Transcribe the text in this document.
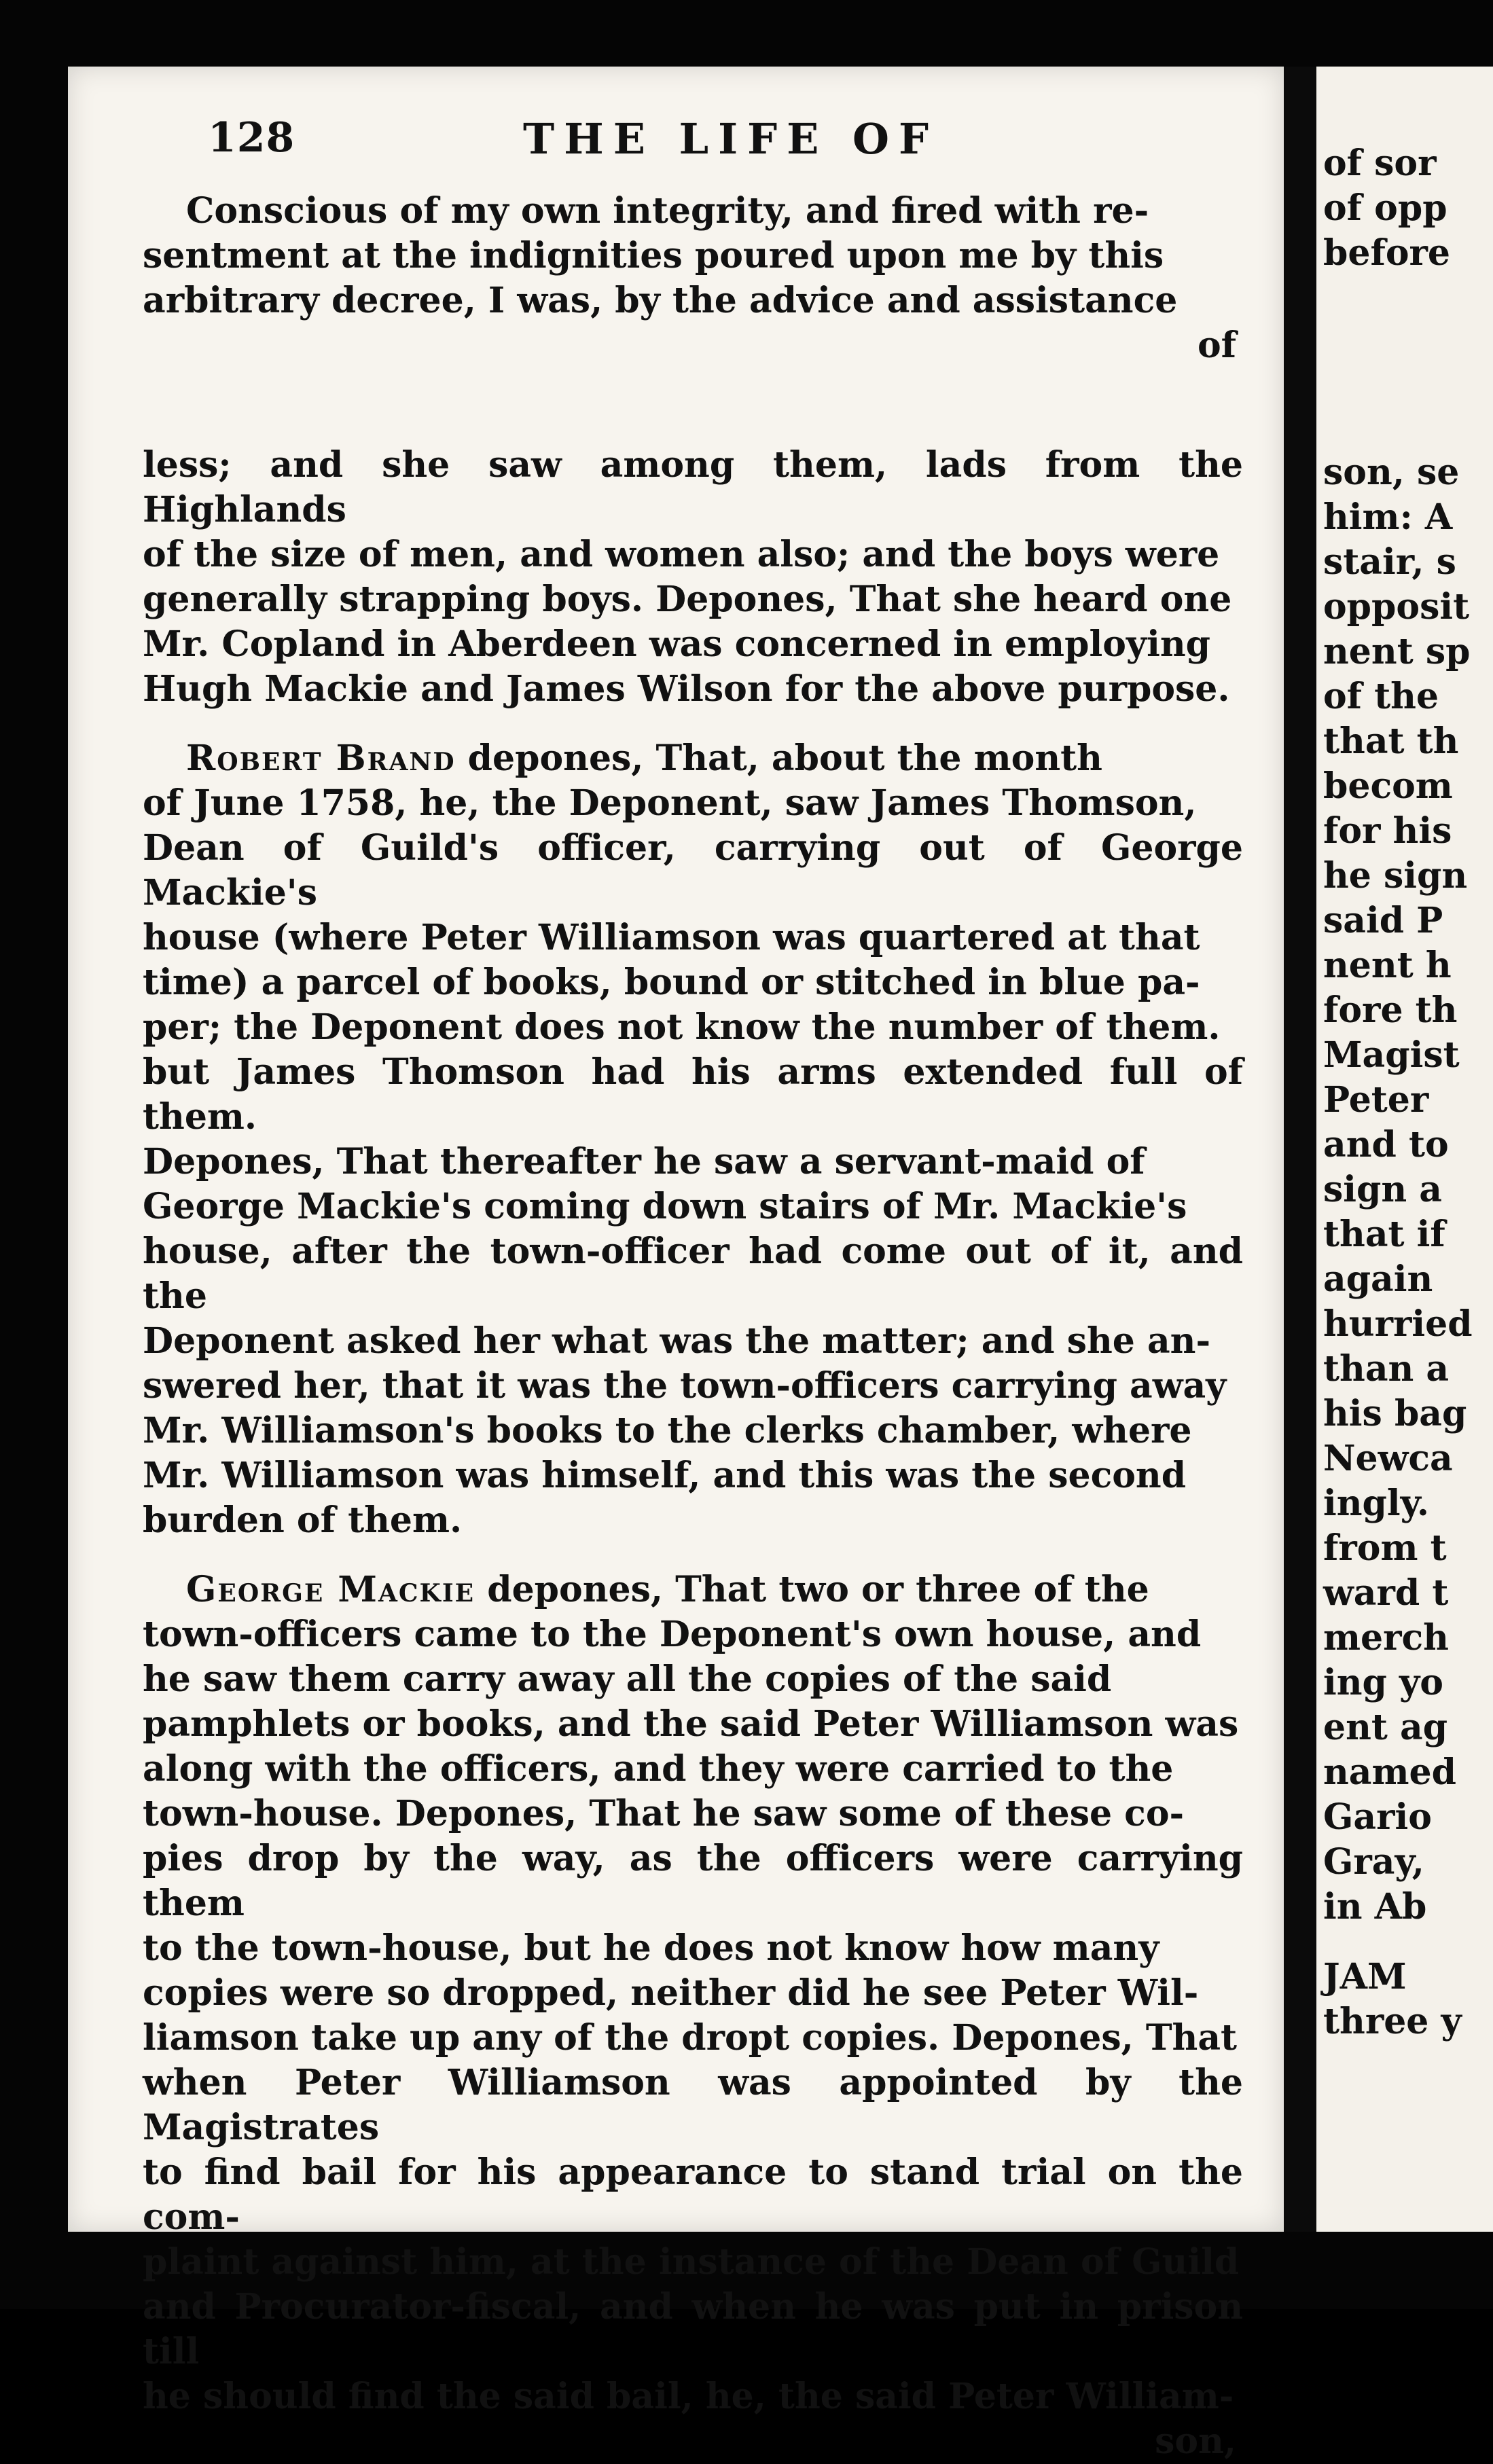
of sor
of opp
before
son, se
him: A
stair, s
opposit
nent sp
of the
that th
becom
for his
he sign
said P
nent h
fore th
Magist
Peter
and to
sign a
that if
again
hurried
than a
his bag
Newca
ingly.
from t
ward t
merch
ing yo
ent ag
named
Gario
Gray,
in Ab
JAM
three y
128	THE LIFE OF

Conscious of my own integrity, and fired with re-

sentment at the indignities poured upon me by this

arbitrary decree, I was, by the advice and assistance

of

less; and she saw among them, lads from the Highlands

of the size of men, and women also; and the boys were

generally strapping boys. Depones, That she heard one

Mr. Copland in Aberdeen was concerned in employing

Hugh Mackie and James Wilson for the above purpose.

Robert Brand depones, That, about the month

of June 1758, he, the Deponent, saw James Thomson,

Dean of Guild's officer, carrying out of George Mackie's

house (where Peter Williamson was quartered at that

time) a parcel of books, bound or stitched in blue pa-

per; the Deponent does not know the number of them.

but James Thomson had his arms extended full of them.

Depones, That thereafter he saw a servant-maid of

George Mackie's coming down stairs of Mr. Mackie's

house, after the town-officer had come out of it, and the

Deponent asked her what was the matter; and she an-

swered her, that it was the town-officers carrying away

Mr. Williamson's books to the clerks chamber, where

Mr. Williamson was himself, and this was the second

burden of them.

George Mackie depones, That two or three of the

town-officers came to the Deponent's own house, and

he saw them carry away all the copies of the said

pamphlets or books, and the said Peter Williamson was

along with the officers, and they were carried to the

town-house. Depones, That he saw some of these co-

pies drop by the way, as the officers were carrying them

to the town-house, but he does not know how many

copies were so dropped, neither did he see Peter Wil-

liamson take up any of the dropt copies. Depones, That

when Peter Williamson was appointed by the Magistrates

to find bail for his appearance to stand trial on the com-

plaint against him, at the instance of the Dean of Guild

and Procurator-fiscal, and when he was put in prison till

he should find the said bail, he, the said Peter William-

son,
